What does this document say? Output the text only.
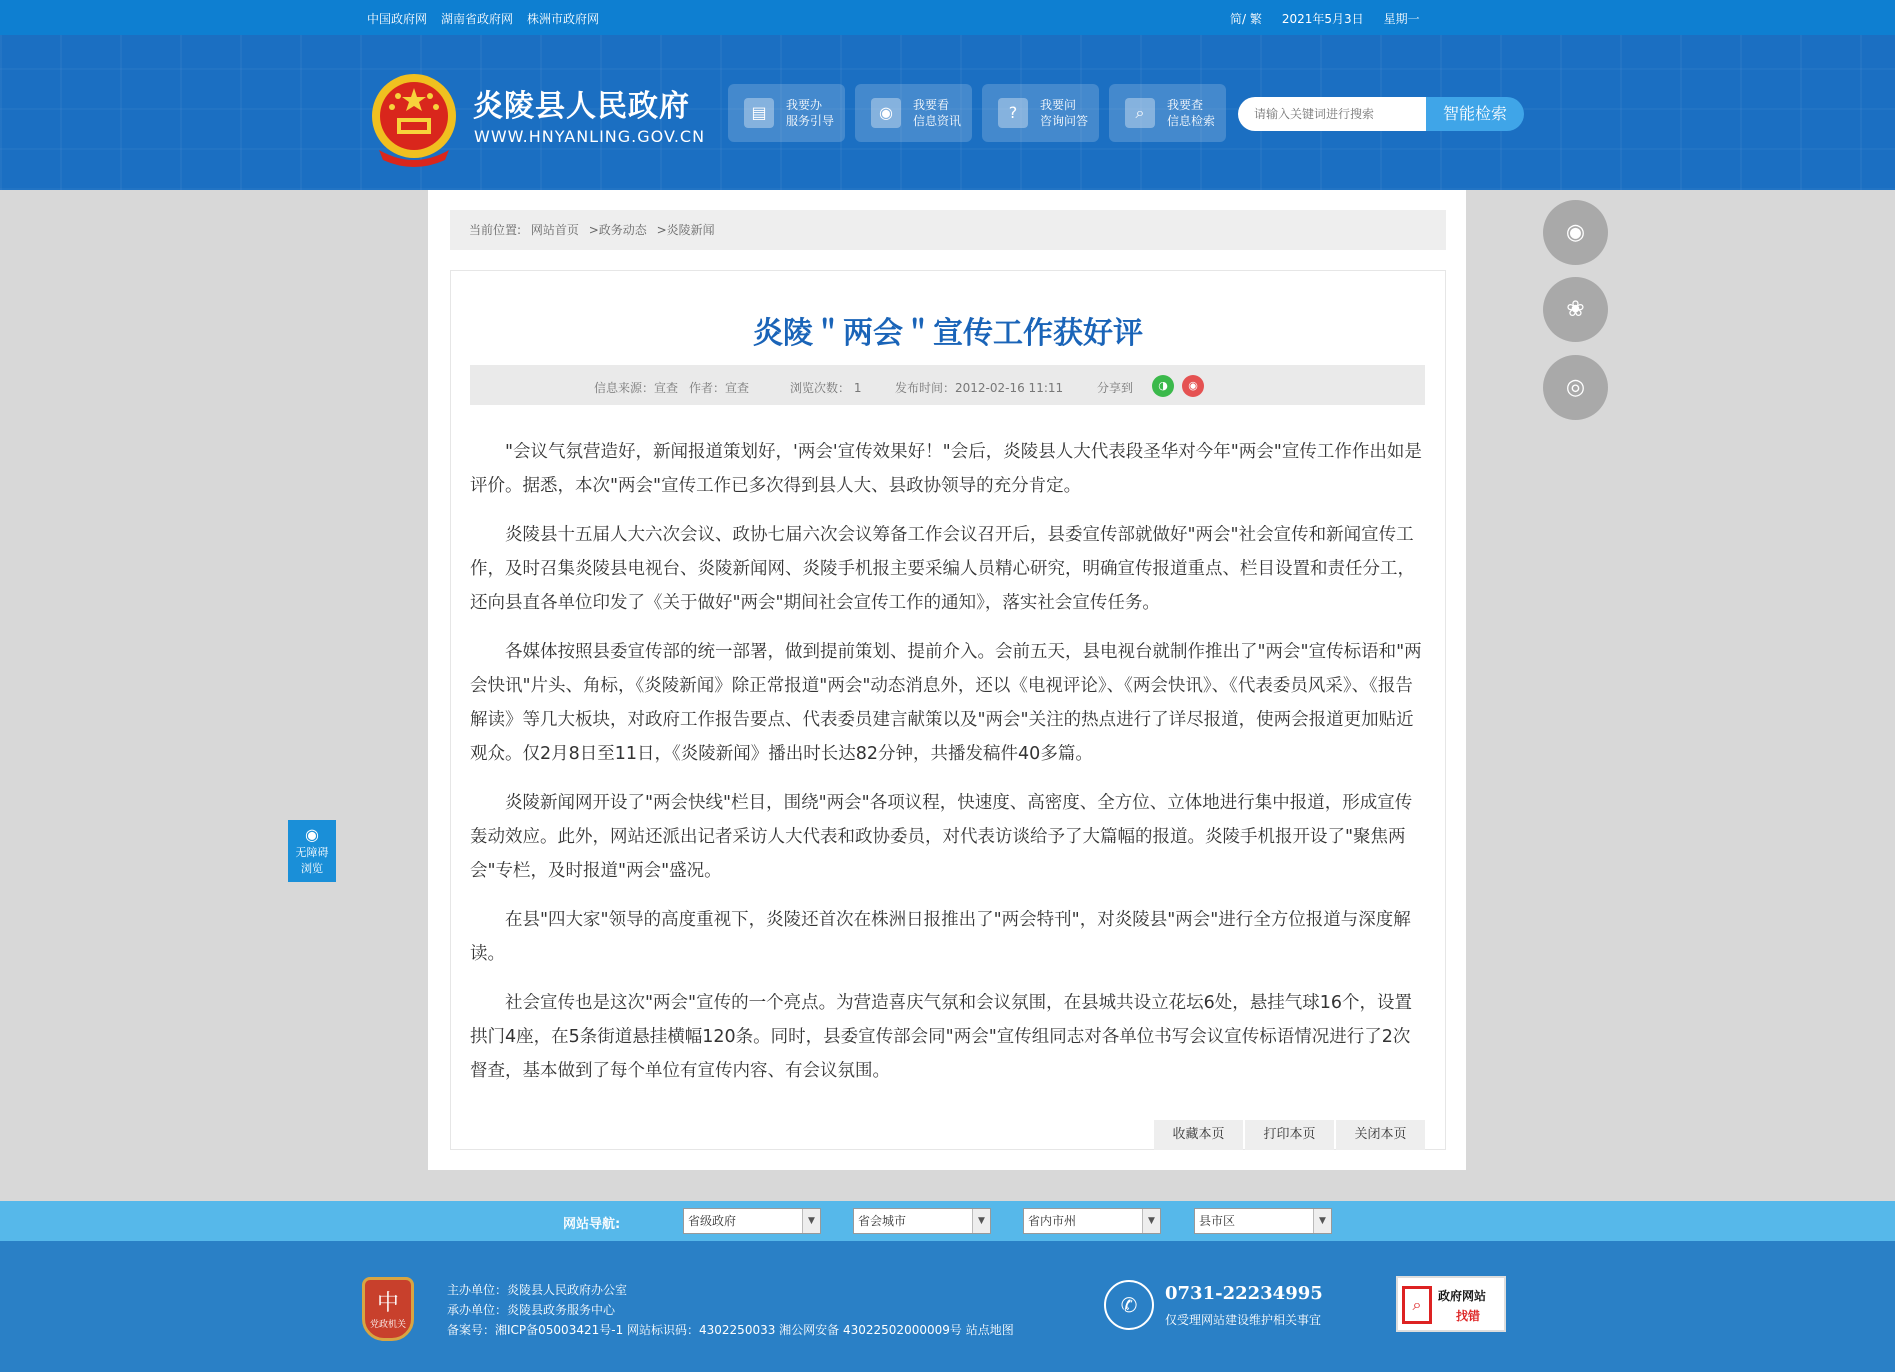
中国政府网 湖南省政府网 株洲市政府网	简/ 繁 2021年5月3日 星期一
炎陵县人民政府
WWW.HNYANLING.GOV.CN
▤	我要办
服务引导	◉	我要看
信息资讯	?	我要问
咨询问答	⌕	我要查
信息检索
请输入关键词进行搜索	智能检索
当前位置: 网站首页 >政务动态 >炎陵新闻
炎陵＂两会＂宣传工作获好评
信息来源：宣查 作者：宣查	浏览次数： 1	发布时间：2012-02-16 11:11	分享到	◑	◉

"会议气氛营造好，新闻报道策划好，'两会'宣传效果好！"会后，炎陵县人大代表段圣华对今年"两会"宣传工作作出如是评价。据悉，本次"两会"宣传工作已多次得到县人大、县政协领导的充分肯定。

炎陵县十五届人大六次会议、政协七届六次会议筹备工作会议召开后，县委宣传部就做好"两会"社会宣传和新闻宣传工作，及时召集炎陵县电视台、炎陵新闻网、炎陵手机报主要采编人员精心研究，明确宣传报道重点、栏目设置和责任分工，还向县直各单位印发了《关于做好"两会"期间社会宣传工作的通知》，落实社会宣传任务。

各媒体按照县委宣传部的统一部署，做到提前策划、提前介入。会前五天，县电视台就制作推出了"两会"宣传标语和"两会快讯"片头、角标，《炎陵新闻》除正常报道"两会"动态消息外，还以《电视评论》、《两会快讯》、《代表委员风采》、《报告解读》等几大板块，对政府工作报告要点、代表委员建言献策以及"两会"关注的热点进行了详尽报道，使两会报道更加贴近观众。仅2月8日至11日，《炎陵新闻》播出时长达82分钟，共播发稿件40多篇。

炎陵新闻网开设了"两会快线"栏目，围绕"两会"各项议程，快速度、高密度、全方位、立体地进行集中报道，形成宣传轰动效应。此外，网站还派出记者采访人大代表和政协委员，对代表访谈给予了大篇幅的报道。炎陵手机报开设了"聚焦两会"专栏，及时报道"两会"盛况。

在县"四大家"领导的高度重视下，炎陵还首次在株洲日报推出了"两会特刊"，对炎陵县"两会"进行全方位报道与深度解读。

社会宣传也是这次"两会"宣传的一个亮点。为营造喜庆气氛和会议氛围，在县城共设立花坛6处，悬挂气球16个，设置拱门4座，在5条街道悬挂横幅120条。同时，县委宣传部会同"两会"宣传组同志对各单位书写会议宣传标语情况进行了2次督查，基本做到了每个单位有宣传内容、有会议氛围。

收藏本页	打印本页	关闭本页
◉
❀
◎
◉
无障碍
浏览
网站导航:	省级政府	▼	省会城市	▼	省内市州	▼	县市区	▼
中
党政机关
主办单位：炎陵县人民政府办公室
承办单位：炎陵县政务服务中心
备案号：湘ICP备05003421号-1 网站标识码：4302250033 湘公网安备 43022502000009号 站点地图
✆	0731-22234995
仅受理网站建设维护相关事宜
⌕	政府网站
找错
